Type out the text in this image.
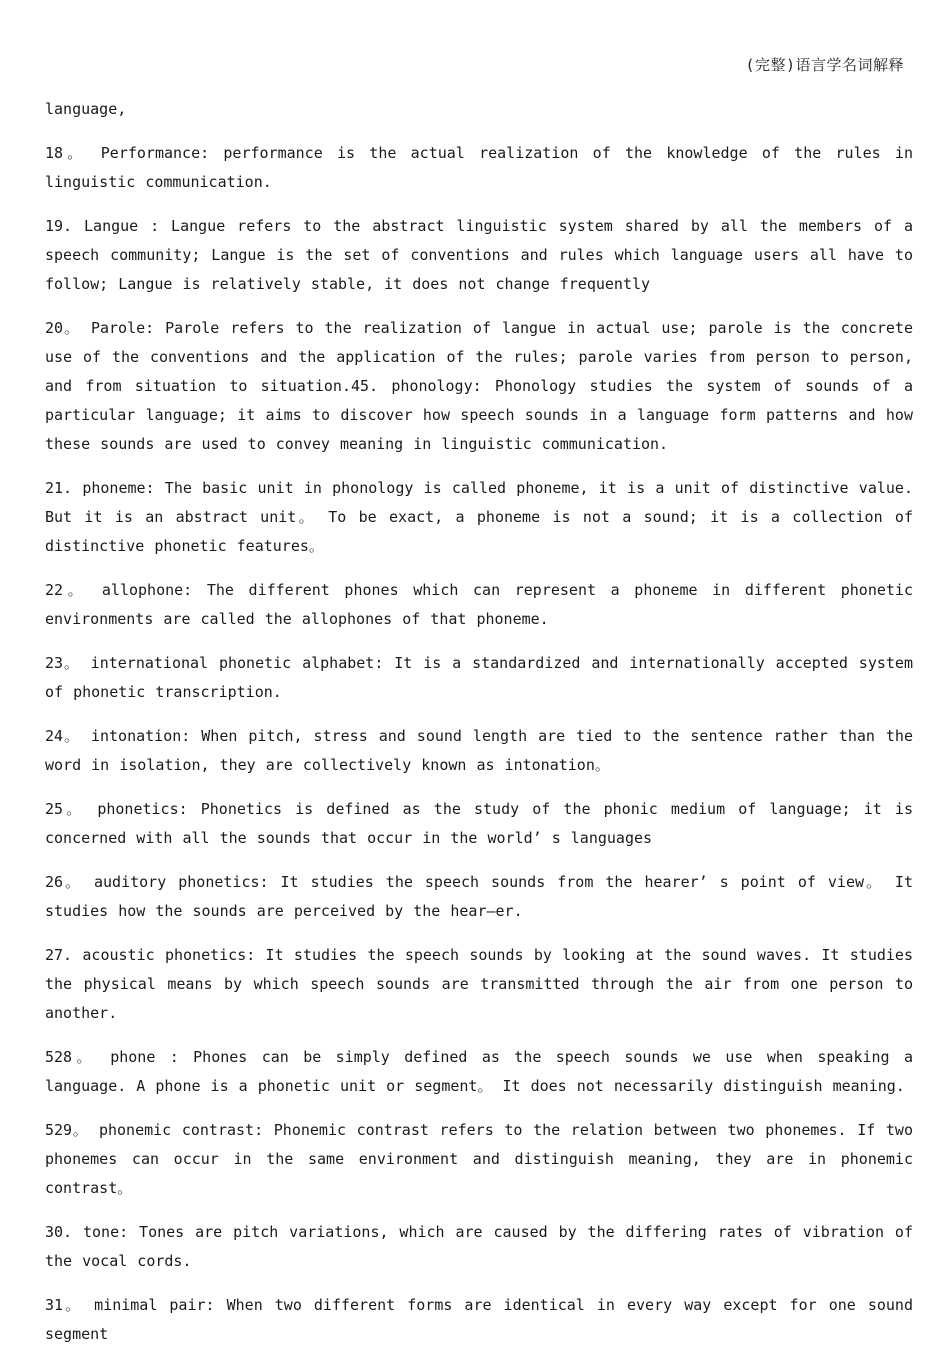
(完整)语言学名词解释

language,

18。 Performance: performance is the actual realization of the knowledge of the rules in linguistic communication.

19. Langue : Langue refers to the abstract linguistic system shared by all the members of a speech community; Langue is the set of conventions and rules which language users all have to follow; Langue is relatively stable, it does not change frequently

20。 Parole: Parole refers to the realization of langue in actual use; parole is the concrete use of the conventions and the application of the rules; parole varies from person to person, and from situation to situation.45. phonology: Phonology studies the system of sounds of a particular language; it aims to discover how speech sounds in a language form patterns and how these sounds are used to convey meaning in linguistic communication.

21. phoneme: The basic unit in phonology is called phoneme, it is a unit of distinctive value. But it is an abstract unit。 To be exact, a phoneme is not a sound; it is a collection of distinctive phonetic features。

22。 allophone: The different phones which can represent a phoneme in different phonetic environments are called the allophones of that phoneme.

23。 international phonetic alphabet: It is a standardized and internationally accepted system of phonetic transcription.

24。 intonation: When pitch, stress and sound length are tied to the sentence rather than the word in isolation, they are collectively known as intonation。

25。 phonetics: Phonetics is defined as the study of the phonic medium of language; it is concerned with all the sounds that occur in the world’ s languages

26。 auditory phonetics: It studies the speech sounds from the hearer’ s point of view。 It studies how the sounds are perceived by the hear—er.

27. acoustic phonetics: It studies the speech sounds by looking at the sound waves. It studies the physical means by which speech sounds are transmitted through the air from one person to another.

528。 phone : Phones can be simply defined as the speech sounds we use when speaking a language. A phone is a phonetic unit or segment。 It does not necessarily distinguish meaning.

529。 phonemic contrast: Phonemic contrast refers to the relation between two phonemes. If two phonemes can occur in the same environment and distinguish meaning, they are in phonemic contrast。

30. tone: Tones are pitch variations, which are caused by the differing rates of vibration of the vocal cords.

31。 minimal pair: When two different forms are identical in every way except for one sound segment
